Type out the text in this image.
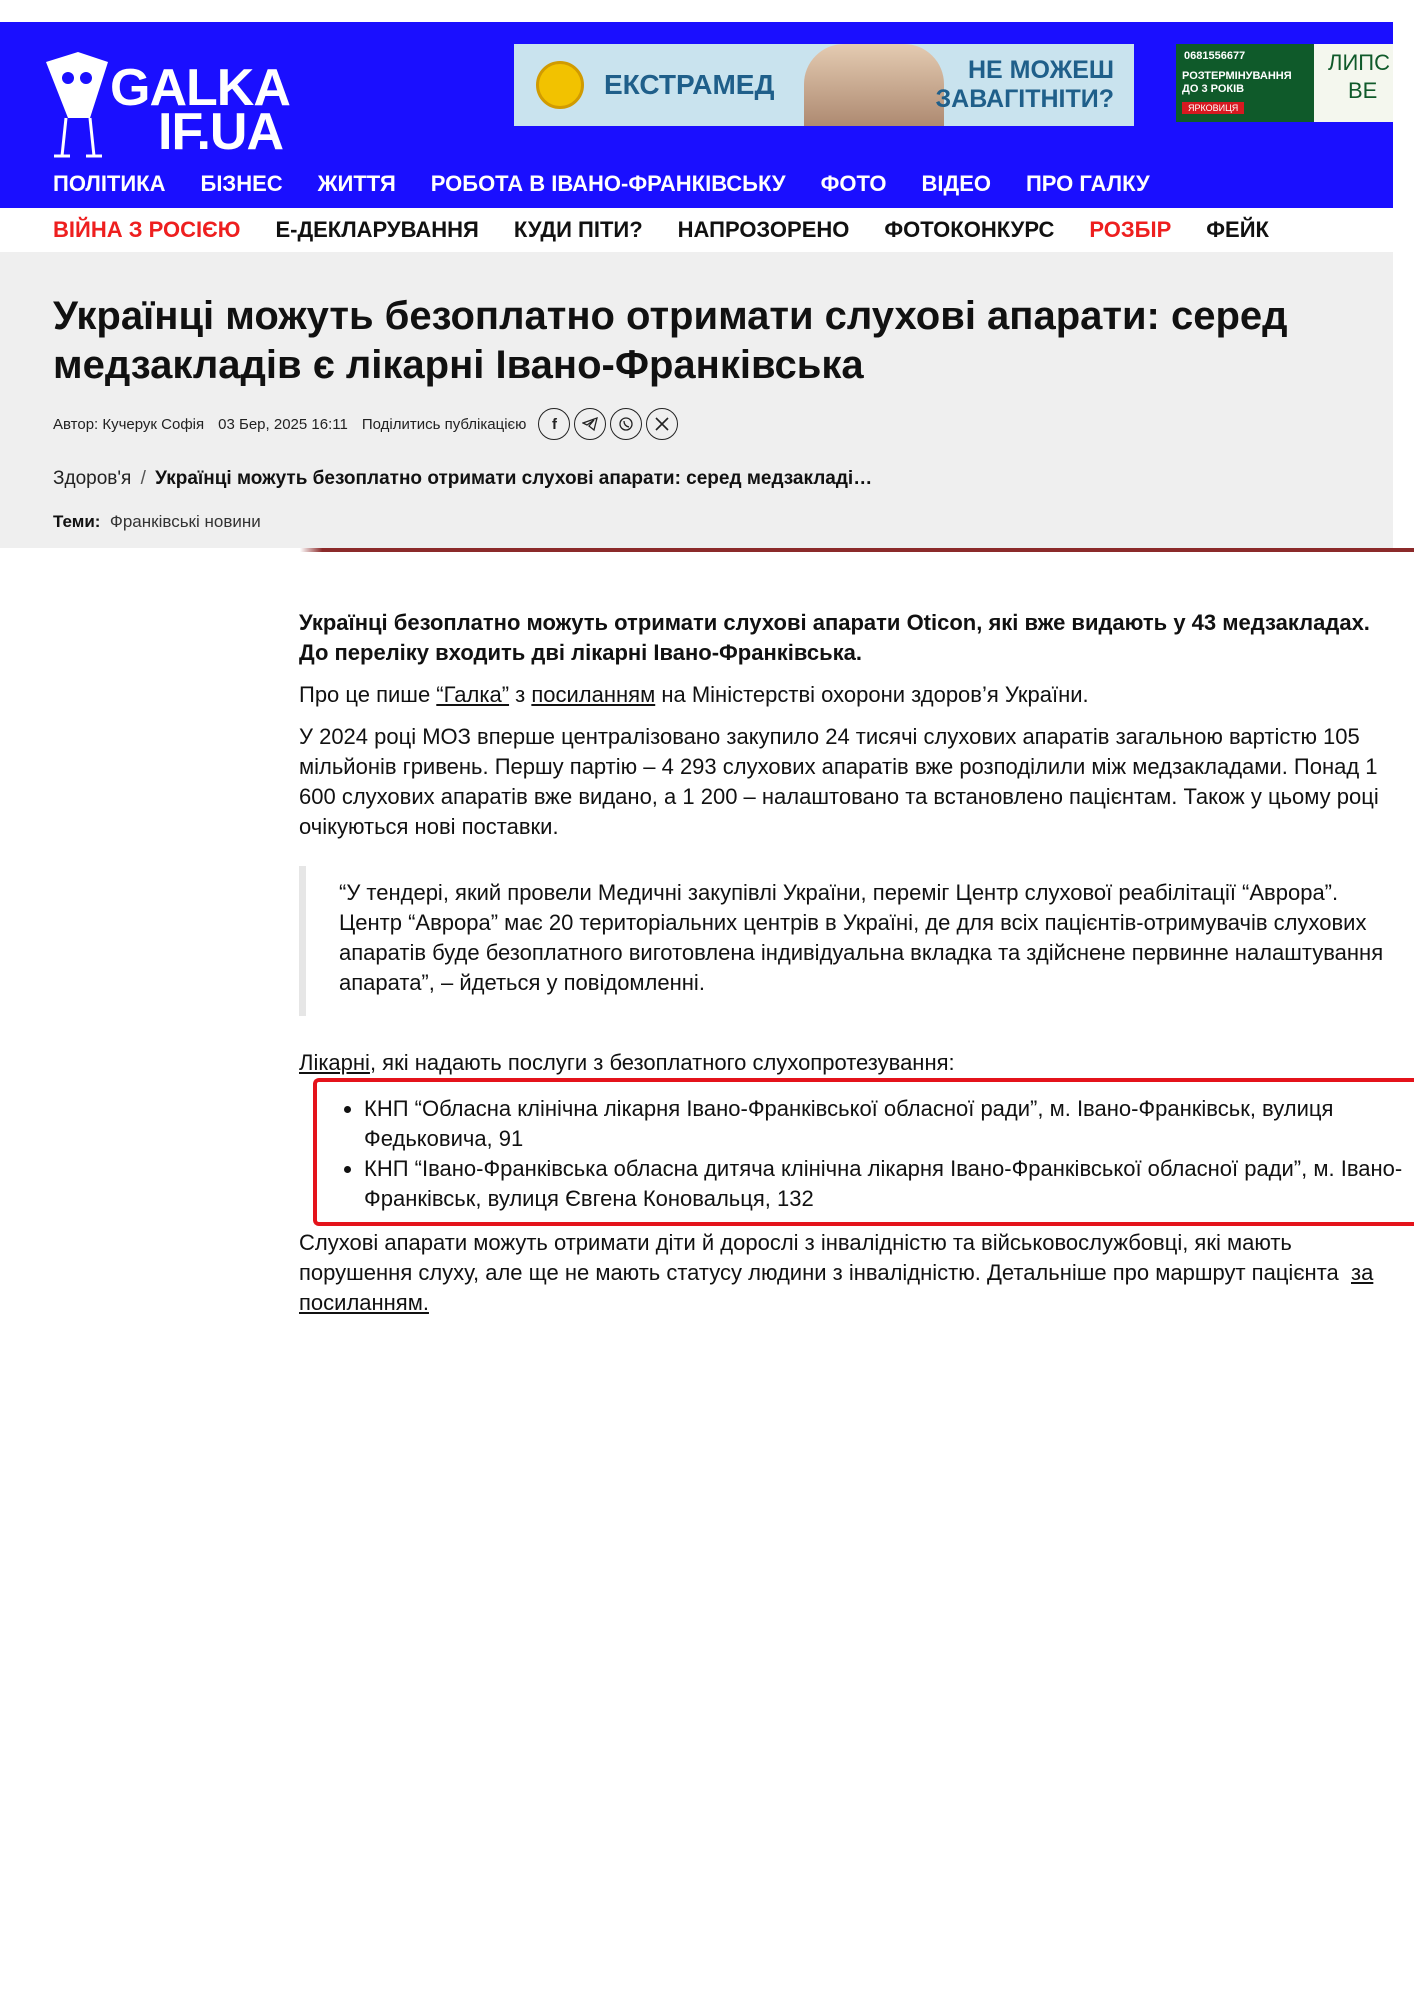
GALKA
IF.UA
ЕКСТРАМЕД	НЕ МОЖЕШ
ЗАВАГІТНІТИ?
0681556677
РОЗТЕРМІНУВАННЯ
ДО 3 РОКІВ
ЯРКОВИЦЯ
ЛИПС
ВЕ
ПОЛІТИКА БІЗНЕС ЖИТТЯ РОБОТА В ІВАНО-ФРАНКІВСЬКУ ФОТО ВІДЕО ПРО ГАЛКУ
ВІЙНА З РОСІЄЮ Е-ДЕКЛАРУВАННЯ КУДИ ПІТИ? НАПРОЗОРЕНО ФОТОКОНКУРС РОЗБІР ФЕЙК
Українці можуть безоплатно отримати слухові апарати: серед медзакладів є лікарні Івано-Франківська
Автор: Кучерук Софія 03 Бер, 2025 16:11 Поділитись публікацією	f
Здоров'я / Українці можуть безоплатно отримати слухові апарати: серед медзакладі…
Теми: Франківські новини

Українці безоплатно можуть отримати слухові апарати Oticon, які вже видають у 43 медзакладах. До переліку входить дві лікарні Івано-Франківська.

Про це пише “Галка” з посиланням на Міністерстві охорони здоров’я України.

У 2024 році МОЗ вперше централізовано закупило 24 тисячі слухових апаратів загальною вартістю 105 мільйонів гривень. Першу партію – 4 293 слухових апаратів вже розподілили між медзакладами. Понад 1 600 слухових апаратів вже видано, а 1 200 – налаштовано та встановлено пацієнтам. Також у цьому році очікуються нові поставки.

“У тендері, який провели Медичні закупівлі України, переміг Центр слухової реабілітації “Аврора”. Центр “Аврора” має 20 територіальних центрів в Україні, де для всіх пацієнтів-отримувачів слухових апаратів буде безоплатного виготовлена індивідуальна вкладка та здійснене первинне налаштування апарата”, – йдеться у повідомленні.
Лікарні, які надають послуги з безоплатного слухопротезування:
• КНП “Обласна клінічна лікарня Івано-Франківської обласної ради”, м. Івано-Франківськ, вулиця Федьковича, 91
• КНП “Івано-Франківська обласна дитяча клінічна лікарня Івано-Франківської обласної ради”, м. Івано-Франківськ, вулиця Євгена Коновальця, 132
Слухові апарати можуть отримати діти й дорослі з інвалідністю та військовослужбовці, які мають порушення слуху, але ще не мають статусу людини з інвалідністю. Детальніше про маршрут пацієнта  за посиланням.
